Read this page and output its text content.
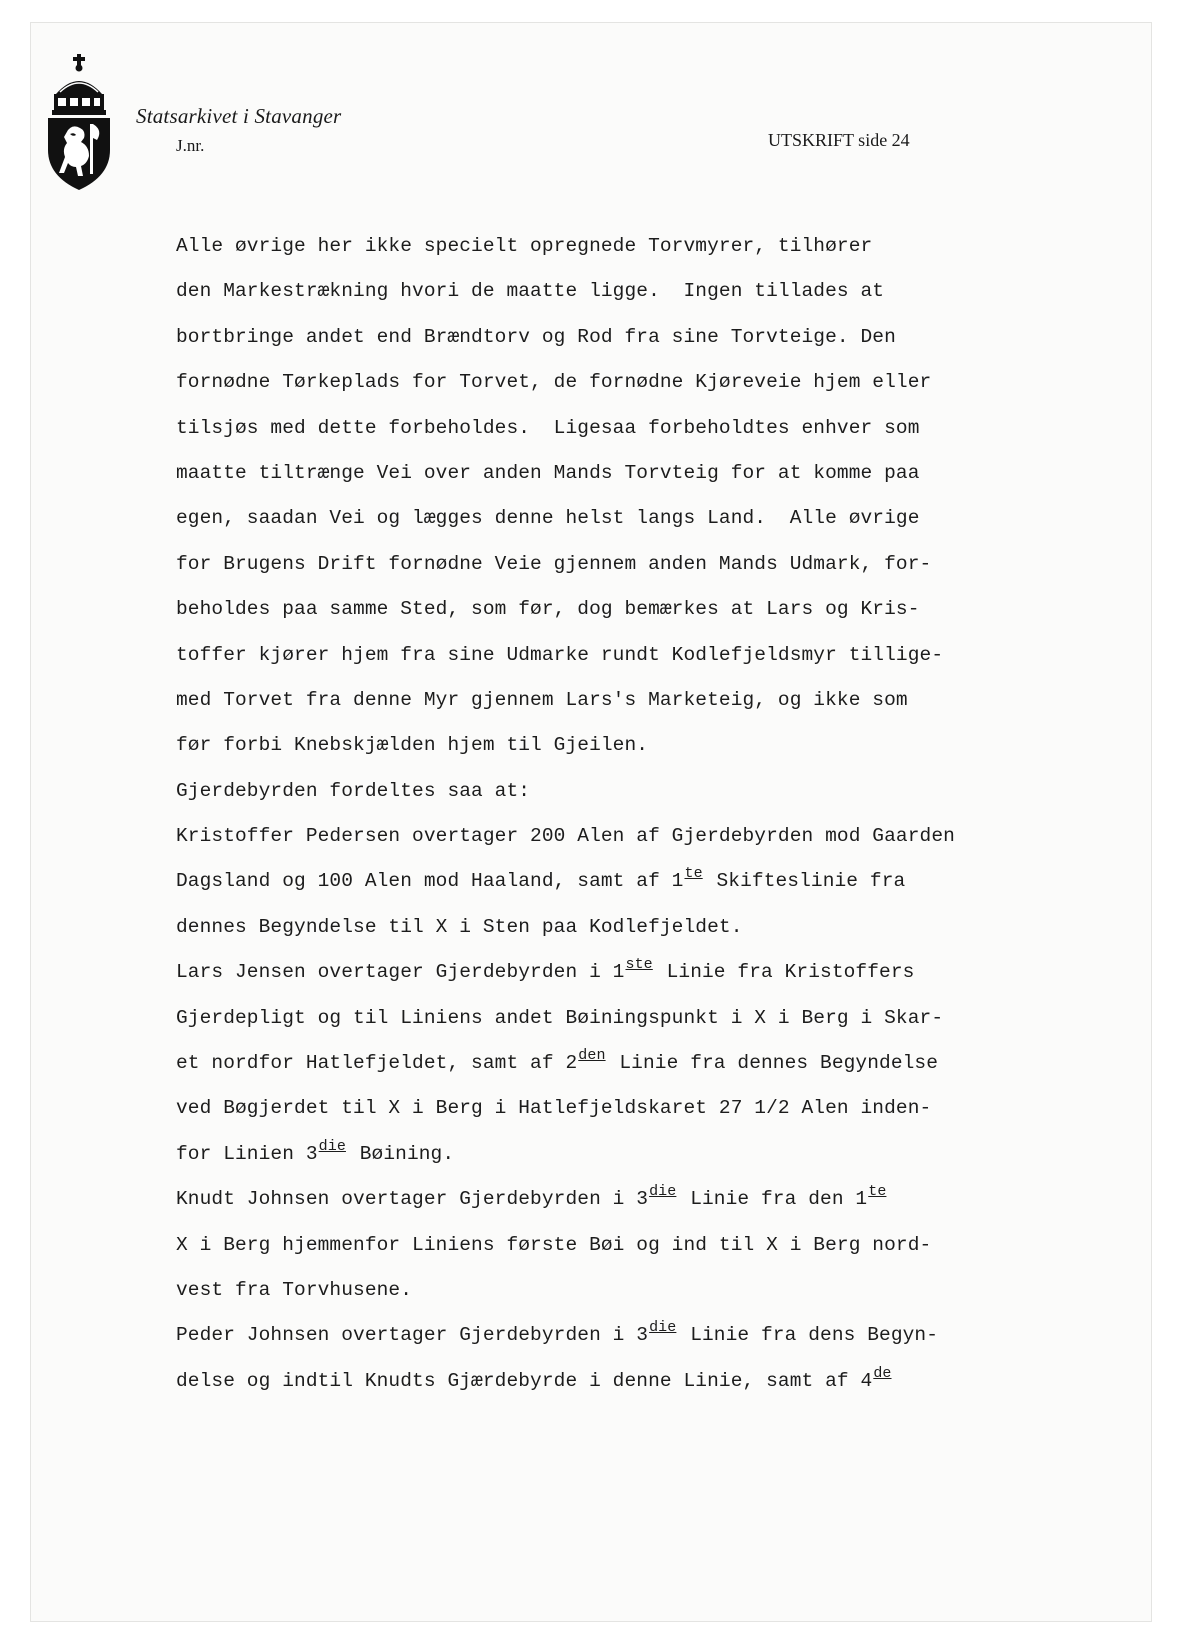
Statsarkivet i Stavanger
J.nr.	UTSKRIFT side 24
Alle øvrige her ikke specielt opregnede Torvmyrer, tilhører
den Markestrækning hvori de maatte ligge.  Ingen tillades at
bortbringe andet end Brændtorv og Rod fra sine Torvteige. Den
fornødne Tørkeplads for Torvet, de fornødne Kjøreveie hjem eller
tilsjøs med dette forbeholdes.  Ligesaa forbeholdtes enhver som
maatte tiltrænge Vei over anden Mands Torvteig for at komme paa
egen, saadan Vei og lægges denne helst langs Land.  Alle øvrige
for Brugens Drift fornødne Veie gjennem anden Mands Udmark, for-
beholdes paa samme Sted, som før, dog bemærkes at Lars og Kris-
toffer kjører hjem fra sine Udmarke rundt Kodlefjeldsmyr tillige-
med Torvet fra denne Myr gjennem Lars's Marketeig, og ikke som
før forbi Knebskjælden hjem til Gjeilen.
Gjerdebyrden fordeltes saa at:
Kristoffer Pedersen overtager 200 Alen af Gjerdebyrden mod Gaarden
Dagsland og 100 Alen mod Haaland, samt af $1^{te}$ Skifteslinie fra
dennes Begyndelse til X i Sten paa Kodlefjeldet.
Lars Jensen overtager Gjerdebyrden i 1ste Linie fra Kristoffers
Gjerdepligt og til Liniens andet Bøiningspunkt i X i Berg i Skar-
et nordfor Hatlefjeldet, samt af $2^{den}$ Linie fra dennes Begyndelse
ved Bøgjerdet til X i Berg i Hatlefjeldskaret 27 1/2 Alen inden-
for Linien $3^{die}$ Bøining.
Knudt Johnsen overtager Gjerdebyrden i $3^{die}$ Linie fra den $1^{te}$
X i Berg hjemmenfor Liniens første Bøi og ind til X i Berg nord-
vest fra Torvhusene.
Peder Johnsen overtager Gjerdebyrden i $3^{die}$ Linie fra dens Begyn-
delse og indtil Knudts Gjærdebyrde i denne Linie, samt af 4de
